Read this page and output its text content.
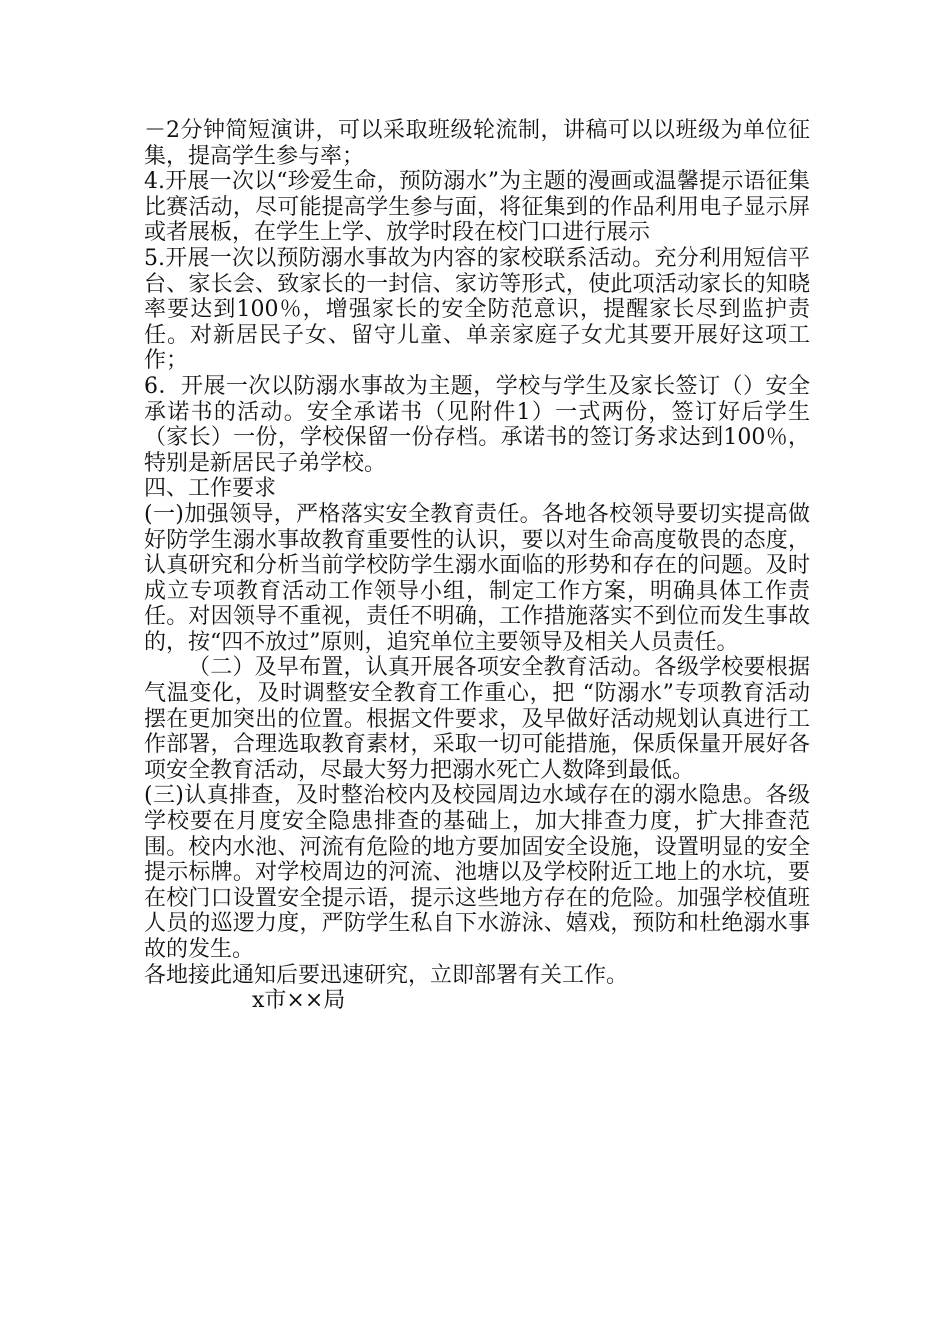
－2分钟简短演讲，可以采取班级轮流制，讲稿可以以班级为单位征集，提高学生参与率；

4.开展一次以“珍爱生命，预防溺水”为主题的漫画或温馨提示语征集比赛活动，尽可能提高学生参与面，将征集到的作品利用电子显示屏或者展板，在学生上学、放学时段在校门口进行展示

5.开展一次以预防溺水事故为内容的家校联系活动。充分利用短信平台、家长会、致家长的一封信、家访等形式，使此项活动家长的知晓率要达到100％，增强家长的安全防范意识，提醒家长尽到监护责任。对新居民子女、留守儿童、单亲家庭子女尤其要开展好这项工作；

6．开展一次以防溺水事故为主题，学校与学生及家长签订（）安全承诺书的活动。安全承诺书（见附件1）一式两份，签订好后学生（家长）一份，学校保留一份存档。承诺书的签订务求达到100％，特别是新居民子弟学校。

四、工作要求

(一)加强领导，严格落实安全教育责任。各地各校领导要切实提高做好防学生溺水事故教育重要性的认识，要以对生命高度敬畏的态度，认真研究和分析当前学校防学生溺水面临的形势和存在的问题。及时成立专项教育活动工作领导小组，制定工作方案，明确具体工作责任。对因领导不重视，责任不明确，工作措施落实不到位而发生事故的，按“四不放过”原则，追究单位主要领导及相关人员责任。

（二）及早布置，认真开展各项安全教育活动。各级学校要根据气温变化，及时调整安全教育工作重心，把 “防溺水”专项教育活动摆在更加突出的位置。根据文件要求，及早做好活动规划认真进行工作部署，合理选取教育素材，采取一切可能措施，保质保量开展好各项安全教育活动，尽最大努力把溺水死亡人数降到最低。

(三)认真排查，及时整治校内及校园周边水域存在的溺水隐患。各级学校要在月度安全隐患排查的基础上，加大排查力度，扩大排查范围。校内水池、河流有危险的地方要加固安全设施，设置明显的安全提示标牌。对学校周边的河流、池塘以及学校附近工地上的水坑，要在校门口设置安全提示语，提示这些地方存在的危险。加强学校值班人员的巡逻力度，严防学生私自下水游泳、嬉戏，预防和杜绝溺水事故的发生。

各地接此通知后要迅速研究，立即部署有关工作。

x市××局
